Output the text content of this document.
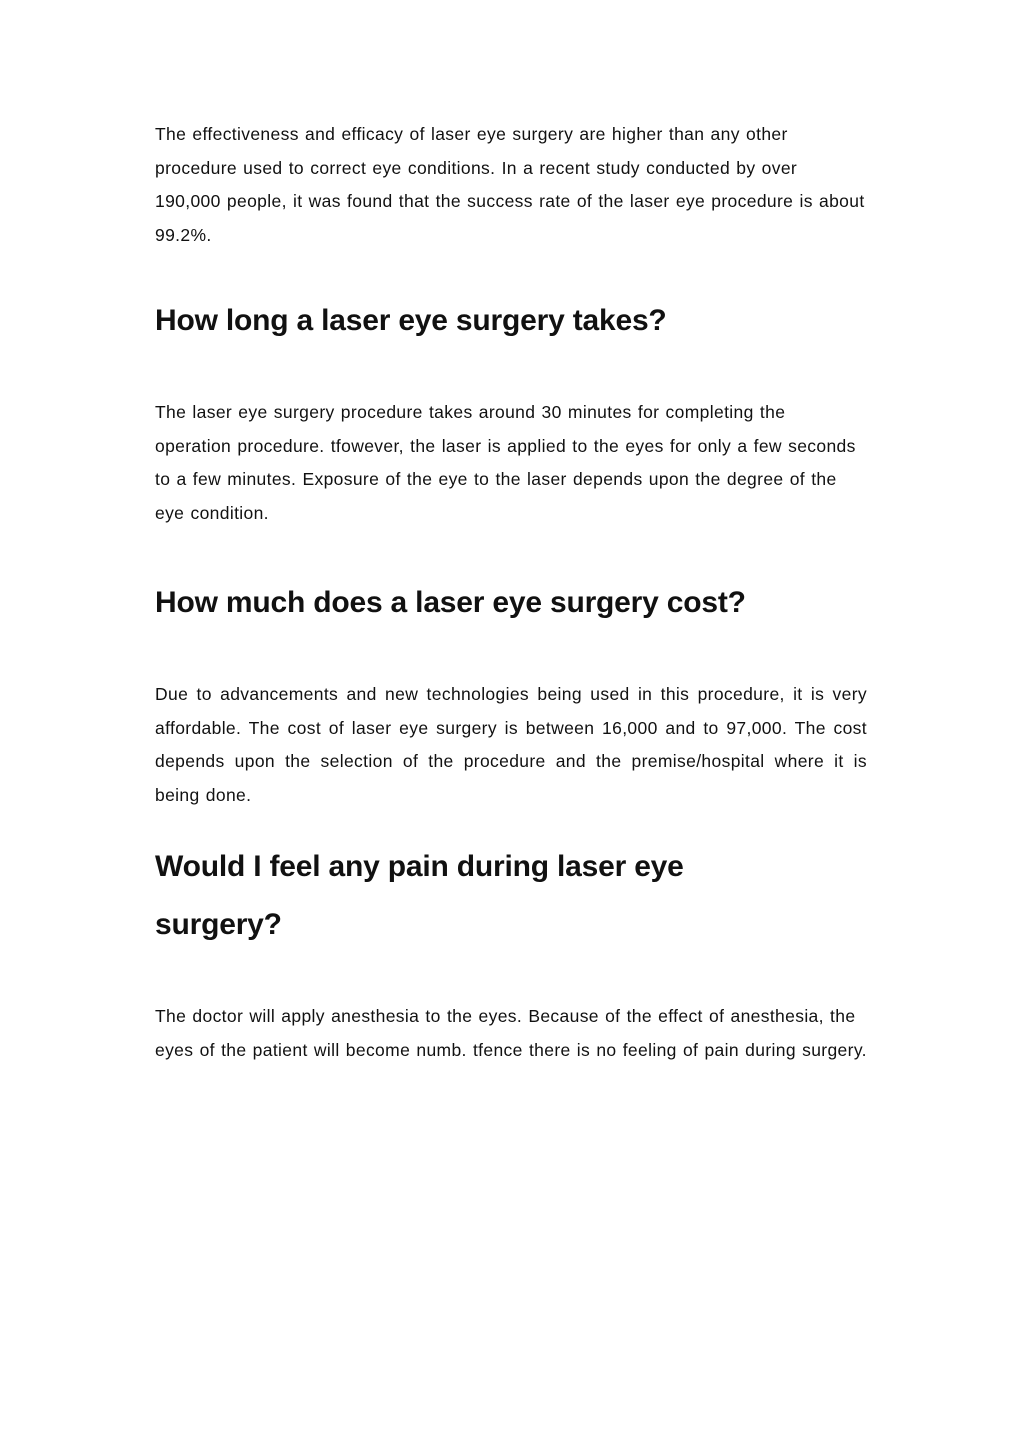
The effectiveness and efficacy of laser eye surgery are higher than any other procedure used to correct eye conditions. In a recent study conducted by over 190,000 people, it was found that the success rate of the laser eye procedure is about 99.2%.

How long a laser eye surgery takes?

The laser eye surgery procedure takes around 30 minutes for completing the operation procedure. tfowever, the laser is applied to the eyes for only a few seconds to a few minutes. Exposure of the eye to the laser depends upon the degree of the eye condition.

How much does a laser eye surgery cost?

Due to advancements and new technologies being used in this procedure, it is very affordable. The cost of laser eye surgery is between 16,000 and to 97,000. The cost depends upon the selection of the procedure and the premise/hospital where it is being done.

Would I feel any pain during laser eye surgery?

The doctor will apply anesthesia to the eyes. Because of the effect of anesthesia, the eyes of the patient will become numb. tfence there is no feeling of pain during surgery.
